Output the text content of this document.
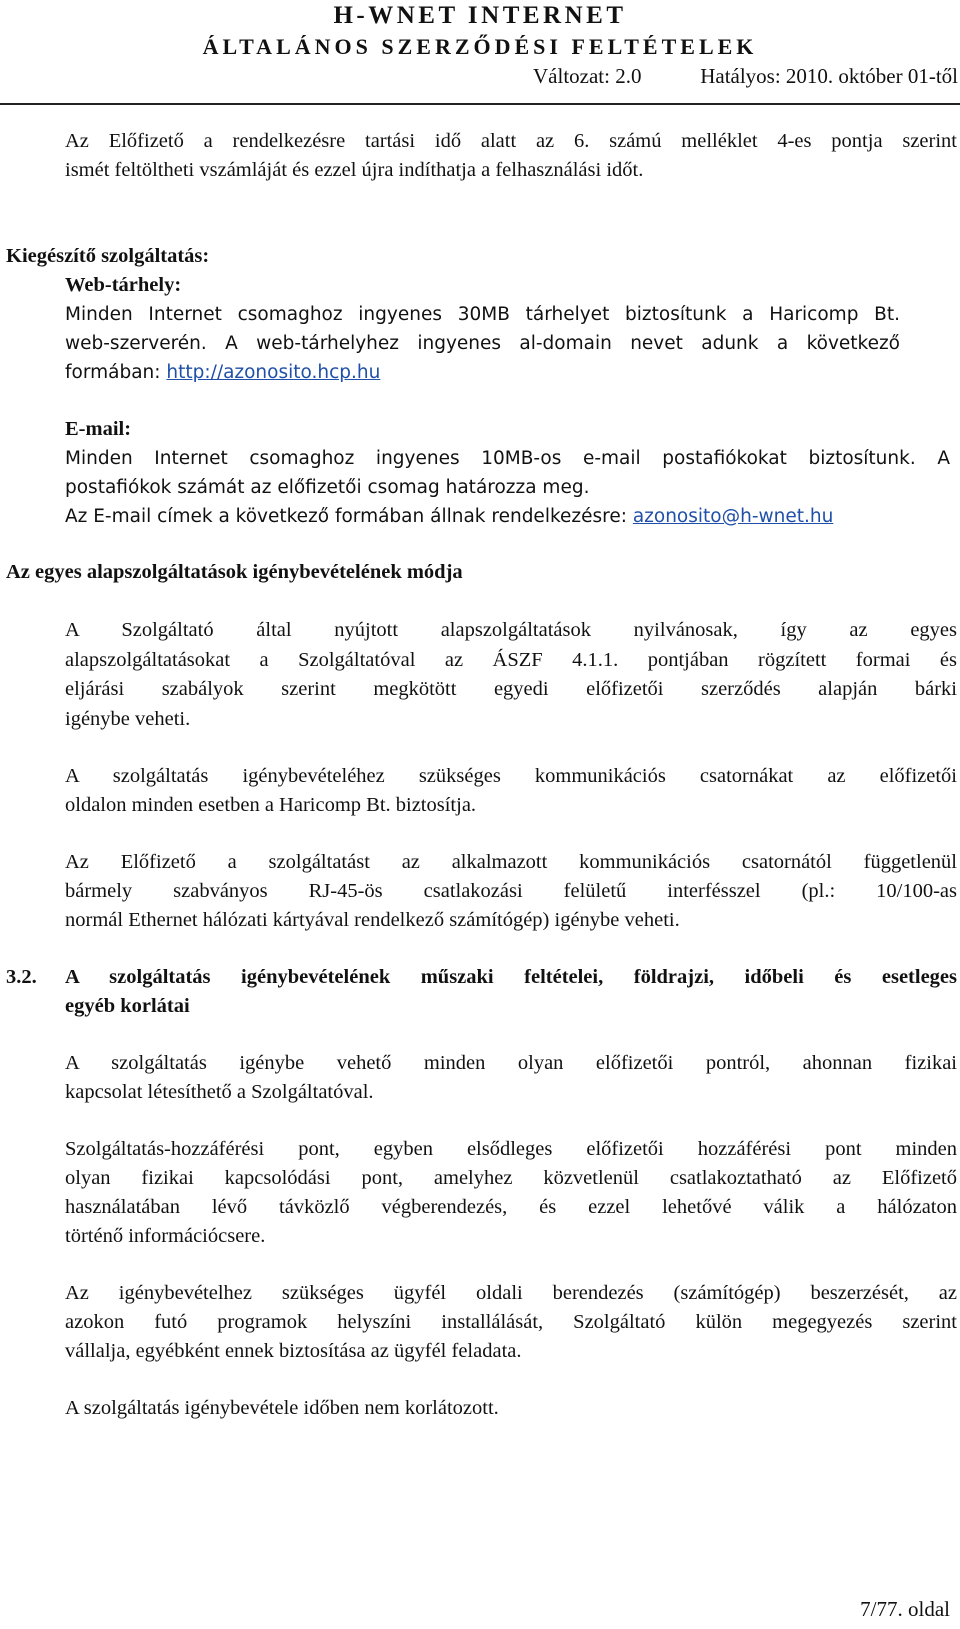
H-WNET INTERNET
ÁLTALÁNOS SZERZŐDÉSI FELTÉTELEK
Változat: 2.0	Hatályos: 2010. október 01-től
Az Előfizető a rendelkezésre tartási idő alatt az 6. számú melléklet 4-es pontja szerint
ismét feltöltheti vszámláját és ezzel újra indíthatja a felhasználási időt.
Kiegészítő szolgáltatás:
Web-tárhely:
Minden Internet csomaghoz ingyenes 30MB tárhelyet biztosítunk a Haricomp Bt.
web-szerverén. A web-tárhelyhez ingyenes al-domain nevet adunk a következő
formában: http://azonosito.hcp.hu
E-mail:
Minden Internet csomaghoz ingyenes 10MB-os e-mail postafiókokat biztosítunk. A
postafiókok számát az előfizetői csomag határozza meg.
Az E-mail címek a következő formában állnak rendelkezésre: azonosito@h-wnet.hu
Az egyes alapszolgáltatások igénybevételének módja
A Szolgáltató által nyújtott alapszolgáltatások nyilvánosak, így az egyes
alapszolgáltatásokat a Szolgáltatóval az ÁSZF 4.1.1. pontjában rögzített formai és
eljárási szabályok szerint megkötött egyedi előfizetői szerződés alapján bárki
igénybe veheti.
A szolgáltatás igénybevételéhez szükséges kommunikációs csatornákat az előfizetői
oldalon minden esetben a Haricomp Bt. biztosítja.
Az Előfizető a szolgáltatást az alkalmazott kommunikációs csatornától függetlenül
bármely szabványos RJ-45-ös csatlakozási felületű interfésszel (pl.: 10/100-as
normál Ethernet hálózati kártyával rendelkező számítógép) igénybe veheti.
3.2. A szolgáltatás igénybevételének műszaki feltételei, földrajzi, időbeli és esetleges
egyéb korlátai
A szolgáltatás igénybe vehető minden olyan előfizetői pontról, ahonnan fizikai
kapcsolat létesíthető a Szolgáltatóval.
Szolgáltatás-hozzáférési pont, egyben elsődleges előfizetői hozzáférési pont minden
olyan fizikai kapcsolódási pont, amelyhez közvetlenül csatlakoztatható az Előfizető
használatában lévő távközlő végberendezés, és ezzel lehetővé válik a hálózaton
történő információcsere.
Az igénybevételhez szükséges ügyfél oldali berendezés (számítógép) beszerzését, az
azokon futó programok helyszíni installálását, Szolgáltató külön megegyezés szerint
vállalja, egyébként ennek biztosítása az ügyfél feladata.
A szolgáltatás igénybevétele időben nem korlátozott.
7/77. oldal
